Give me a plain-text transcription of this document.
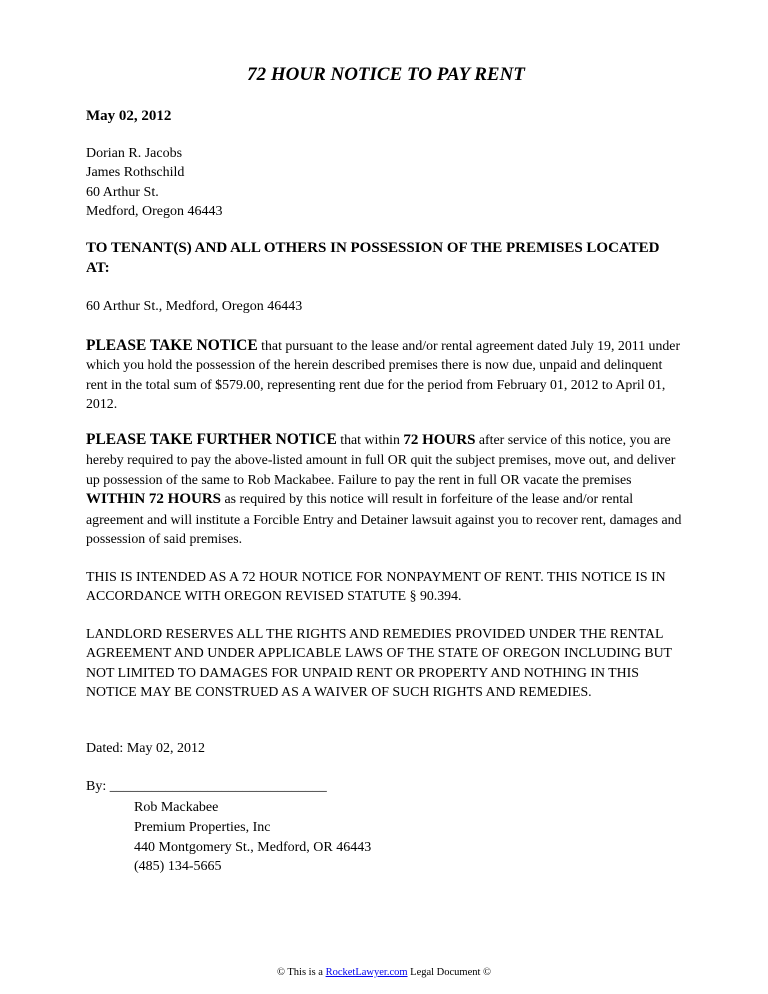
72 HOUR NOTICE TO PAY RENT
May 02, 2012
Dorian R. Jacobs
James Rothschild
60 Arthur St.
Medford, Oregon 46443
TO TENANT(S) AND ALL OTHERS IN POSSESSION OF THE PREMISES LOCATED AT:
60 Arthur St., Medford, Oregon 46443
PLEASE TAKE NOTICE that pursuant to the lease and/or rental agreement dated July 19, 2011 under which you hold the possession of the herein described premises there is now due, unpaid and delinquent rent in the total sum of $579.00, representing rent due for the period from February 01, 2012 to April 01, 2012.
PLEASE TAKE FURTHER NOTICE that within 72 HOURS after service of this notice, you are hereby required to pay the above-listed amount in full OR quit the subject premises, move out, and deliver up possession of the same to Rob Mackabee. Failure to pay the rent in full OR vacate the premises WITHIN 72 HOURS as required by this notice will result in forfeiture of the lease and/or rental agreement and will institute a Forcible Entry and Detainer lawsuit against you to recover rent, damages and possession of said premises.
THIS IS INTENDED AS A 72 HOUR NOTICE FOR NONPAYMENT OF RENT. THIS NOTICE IS IN ACCORDANCE WITH OREGON REVISED STATUTE § 90.394.
LANDLORD RESERVES ALL THE RIGHTS AND REMEDIES PROVIDED UNDER THE RENTAL AGREEMENT AND UNDER APPLICABLE LAWS OF THE STATE OF OREGON INCLUDING BUT NOT LIMITED TO DAMAGES FOR UNPAID RENT OR PROPERTY AND NOTHING IN THIS NOTICE MAY BE CONSTRUED AS A WAIVER OF SUCH RIGHTS AND REMEDIES.
Dated: May 02, 2012
By: _______________________________
Rob Mackabee
Premium Properties, Inc
440 Montgomery St., Medford, OR 46443
(485) 134-5665
© This is a RocketLawyer.com Legal Document ©
